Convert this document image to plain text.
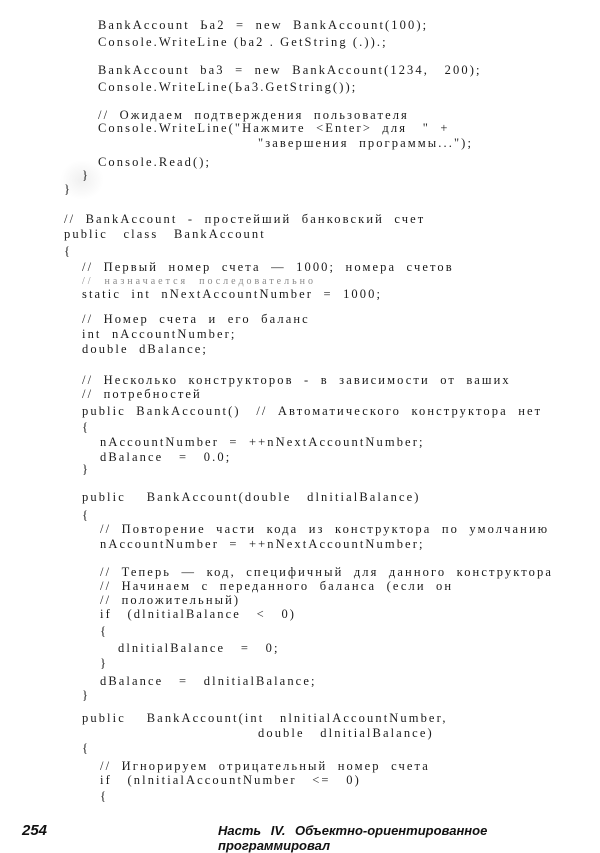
BankAccount  Ьa2  =  new  BankAccount(100);
Console.WriteLine (ba2 . GetString (.)).;
BankAccount  ba3  =  new  BankAccount(1234,   200);
Console.WriteLine(Ьa3.GetString());
//  Ожидаем  подтверждения  пользователя
Console.WriteLine("Нажмите  <Enter>  для   "  +
"завершения  программы...");
Console.Read();
}
}
//  BankAccount  -  простейший  банковский  счет
public   class   BankAccount
{
//  Первый  номер  счета  —  1000;  номера  счетов
//  назначается  последовательно
static  int  nNextAccountNumber  =  1000;
//  Номер  счета  и  его  баланс
int  nAccountNumber;
double  dBalance;
//  Несколько  конструкторов  -  в  зависимости  от  ваших
//  потребностей
public  BankAccount()   //  Автоматического  конструктора  нет
{
nAccountNumber  =  ++nNextAccountNumber;
dBalance   =   0.0;
}
public    BankAccount(double   dlnitialBalance)
{
//  Повторение  части  кода  из  конструктора  по  умолчанию
nAccountNumber  =  ++nNextAccountNumber;
//  Теперь  —  код,  специфичный  для  данного  конструктора
//  Начинаем  с  переданного  баланса  (если  он
//  положительный)
if   (dlnitialBalance   <   0)
{
dlnitialBalance   =   0;
}
dBalance   =   dlnitialBalance;
}
public    BankAccount(int   nlnitialAccountNumber,
double   dlnitialBalance)
{
//  Игнорируем  отрицательный  номер  счета
if   (nlnitialAccountNumber   <=   0)
{
254	Насть IV. Объектно-ориентированное программировал
